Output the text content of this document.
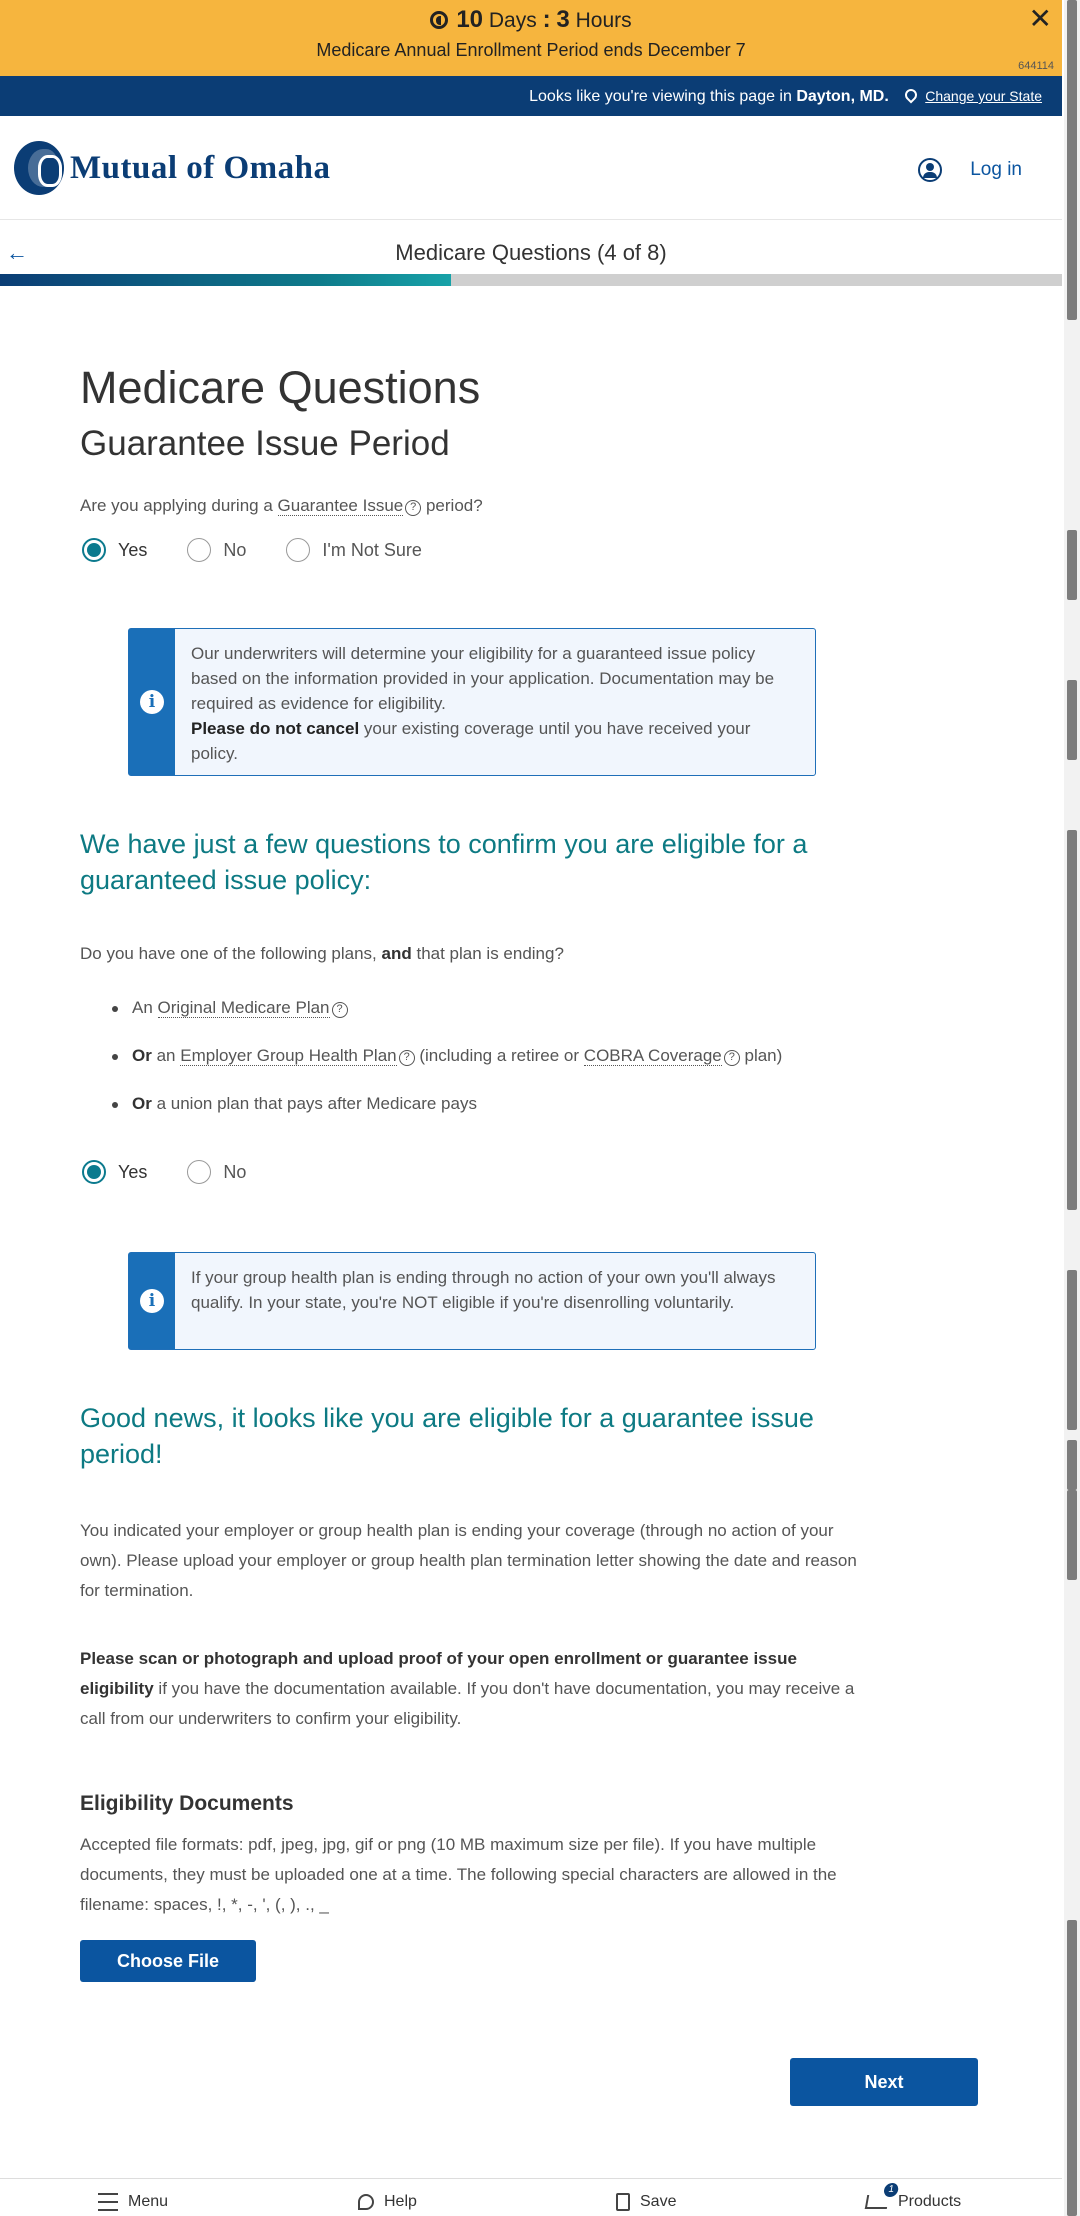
10 Days : 3 Hours
Medicare Annual Enrollment Period ends December 7
✕
644114
Looks like you're viewing this page in Dayton, MD.	Change your State
Mutual of Omaha	Log in
Medicare Questions (4 of 8)
←
Medicare Questions
Guarantee Issue Period
Are you applying during a Guarantee Issue ? period?
Yes	No	I'm Not Sure
i
Our underwriters will determine your eligibility for a guaranteed issue policy based on the information provided in your application. Documentation may be required as evidence for eligibility.
Please do not cancel your existing coverage until you have received your policy.
We have just a few questions to confirm you are eligible for a guaranteed issue policy:
Do you have one of the following plans, and that plan is ending?
An Original Medicare Plan ?
Or an Employer Group Health Plan ? (including a retiree or COBRA Coverage ? plan)
Or a union plan that pays after Medicare pays
Yes	No
i
If your group health plan is ending through no action of your own you'll always qualify. In your state, you're NOT eligible if you're disenrolling voluntarily.
Good news, it looks like you are eligible for a guarantee issue period!
You indicated your employer or group health plan is ending your coverage (through no action of your own). Please upload your employer or group health plan termination letter showing the date and reason for termination.
Please scan or photograph and upload proof of your open enrollment or guarantee issue eligibility if you have the documentation available. If you don't have documentation, you may receive a call from our underwriters to confirm your eligibility.
Eligibility Documents
Accepted file formats: pdf, jpeg, jpg, gif or png (10 MB maximum size per file). If you have multiple documents, they must be uploaded one at a time. The following special characters are allowed in the filename: spaces, !, *, -, ', (, ), ., _
Choose File
Next
Menu	Help	Save
1
Products
